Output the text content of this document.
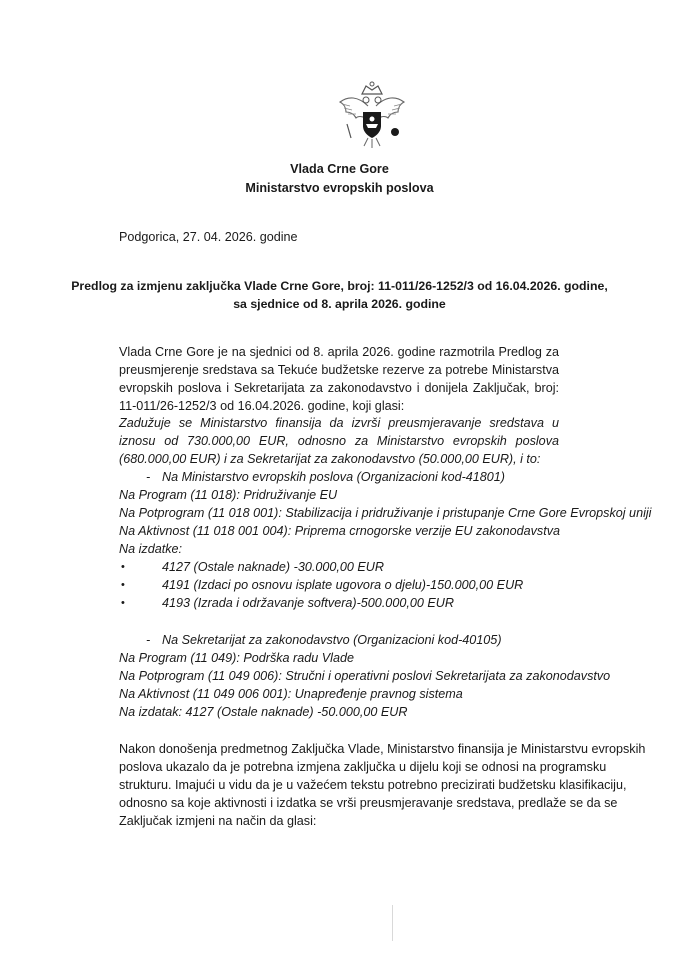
Vlada Crne Gore
Ministarstvo evropskih poslova
Podgorica, 27. 04. 2026. godine
Predlog za izmjenu zaključka Vlade Crne Gore, broj: 11-011/26-1252/3 od 16.04.2026. godine,
sa sjednice od 8. aprila 2026. godine
Vlada Crne Gore je na sjednici od 8. aprila 2026. godine razmotrila Predlog za preusmjerenje sredstava sa Tekuće budžetske rezerve za potrebe Ministarstva evropskih poslova i Sekretarijata za zakonodavstvo i donijela Zaključak, broj: 11-011/26-1252/3 od 16.04.2026. godine, koji glasi:
Zadužuje se Ministarstvo finansija da izvrši preusmjeravanje sredstava u iznosu od 730.000,00 EUR, odnosno za Ministarstvo evropskih poslova (680.000,00 EUR) i za Sekretarijat za zakonodavstvo (50.000,00 EUR), i to:
- Na Ministarstvo evropskih poslova (Organizacioni kod-41801)
Na Program (11 018): Pridruživanje EU
Na Potprogram (11 018 001): Stabilizacija i pridruživanje i pristupanje Crne Gore Evropskoj uniji
Na Aktivnost (11 018 001 004): Priprema crnogorske verzije EU zakonodavstva
Na izdatke:
•	4127 (Ostale naknade) -30.000,00 EUR
•	4191 (Izdaci po osnovu isplate ugovora o djelu)-150.000,00 EUR
•	4193 (Izrada i održavanje softvera)-500.000,00 EUR
- Na Sekretarijat za zakonodavstvo (Organizacioni kod-40105)
Na Program (11 049): Podrška radu Vlade
Na Potprogram (11 049 006): Stručni i operativni poslovi Sekretarijata za zakonodavstvo
Na Aktivnost (11 049 006 001): Unapređenje pravnog sistema
Na izdatak: 4127 (Ostale naknade) -50.000,00 EUR
Nakon donošenja predmetnog Zaključka Vlade, Ministarstvo finansija je Ministarstvu evropskih
poslova ukazalo da je potrebna izmjena zaključka u dijelu koji se odnosi na programsku
strukturu. Imajući u vidu da je u važećem tekstu potrebno precizirati budžetsku klasifikaciju,
odnosno sa koje aktivnosti i izdatka se vrši preusmjeravanje sredstava, predlaže se da se
Zaključak izmjeni na način da glasi:
